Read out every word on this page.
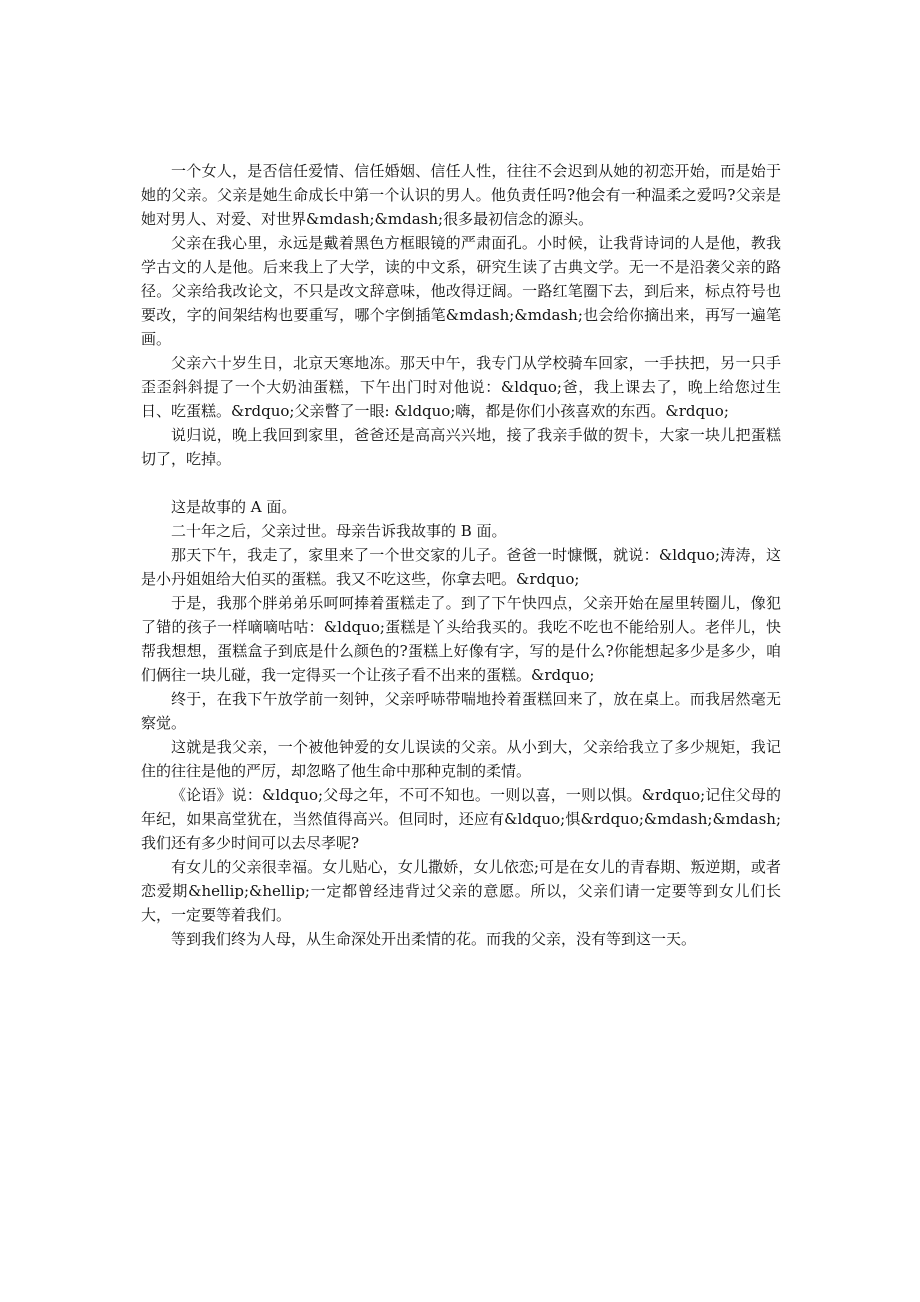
一个女人，是否信任爱情、信任婚姻、信任人性，往往不会迟到从她的初恋开始，而是始于她的父亲。父亲是她生命成长中第一个认识的男人。他负责任吗?他会有一种温柔之爱吗?父亲是她对男人、对爱、对世界&mdash;&mdash;很多最初信念的源头。

父亲在我心里，永远是戴着黑色方框眼镜的严肃面孔。小时候，让我背诗词的人是他，教我学古文的人是他。后来我上了大学，读的中文系，研究生读了古典文学。无一不是沿袭父亲的路径。父亲给我改论文，不只是改文辞意味，他改得迂阔。一路红笔圈下去，到后来，标点符号也要改，字的间架结构也要重写，哪个字倒插笔&mdash;&mdash;也会给你摘出来，再写一遍笔画。

父亲六十岁生日，北京天寒地冻。那天中午，我专门从学校骑车回家，一手扶把，另一只手歪歪斜斜提了一个大奶油蛋糕，下午出门时对他说：&ldquo;爸，我上课去了，晚上给您过生日、吃蛋糕。&rdquo;父亲瞥了一眼: &ldquo;嗨，都是你们小孩喜欢的东西。&rdquo;

说归说，晚上我回到家里，爸爸还是高高兴兴地，接了我亲手做的贺卡，大家一块儿把蛋糕切了，吃掉。

这是故事的 A 面。

二十年之后，父亲过世。母亲告诉我故事的 B 面。

那天下午，我走了，家里来了一个世交家的儿子。爸爸一时慷慨，就说：&ldquo;涛涛，这是小丹姐姐给大伯买的蛋糕。我又不吃这些，你拿去吧。&rdquo;

于是，我那个胖弟弟乐呵呵捧着蛋糕走了。到了下午快四点，父亲开始在屋里转圈儿，像犯了错的孩子一样嘀嘀咕咕：&ldquo;蛋糕是丫头给我买的。我吃不吃也不能给别人。老伴儿，快帮我想想，蛋糕盒子到底是什么颜色的?蛋糕上好像有字，写的是什么?你能想起多少是多少，咱们俩往一块儿碰，我一定得买一个让孩子看不出来的蛋糕。&rdquo;

终于，在我下午放学前一刻钟，父亲呼哧带喘地拎着蛋糕回来了，放在桌上。而我居然毫无察觉。

这就是我父亲，一个被他钟爱的女儿误读的父亲。从小到大，父亲给我立了多少规矩，我记住的往往是他的严厉，却忽略了他生命中那种克制的柔情。

《论语》说：&ldquo;父母之年，不可不知也。一则以喜，一则以惧。&rdquo;记住父母的年纪，如果高堂犹在，当然值得高兴。但同时，还应有&ldquo;惧&rdquo;&mdash;&mdash;我们还有多少时间可以去尽孝呢?

有女儿的父亲很幸福。女儿贴心，女儿撒娇，女儿依恋;可是在女儿的青春期、叛逆期，或者恋爱期&hellip;&hellip;一定都曾经违背过父亲的意愿。所以，父亲们请一定要等到女儿们长大，一定要等着我们。

等到我们终为人母，从生命深处开出柔情的花。而我的父亲，没有等到这一天。
